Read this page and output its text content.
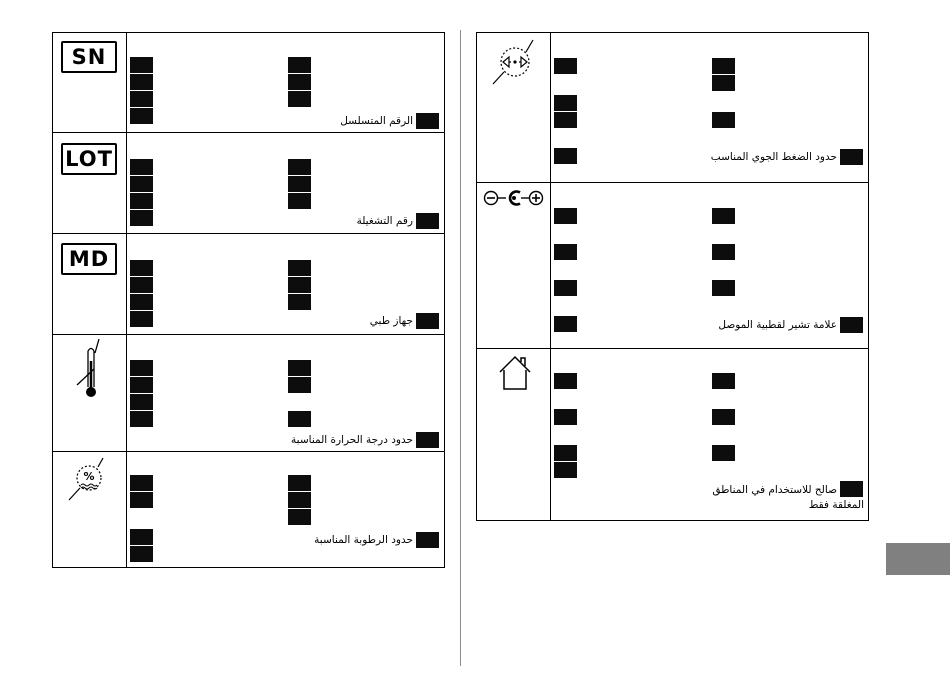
SN
الرقم المتسلسل
LOT
رقم التشغيلة
MD
جهاز طبي
حدود درجة الحرارة المناسبة
%
حدود الرطوبة المناسبة
حدود الضغط الجوي المناسب
علامة تشير لقطبية الموصل
صالح للاستخدام في المناطق المغلقة فقط
